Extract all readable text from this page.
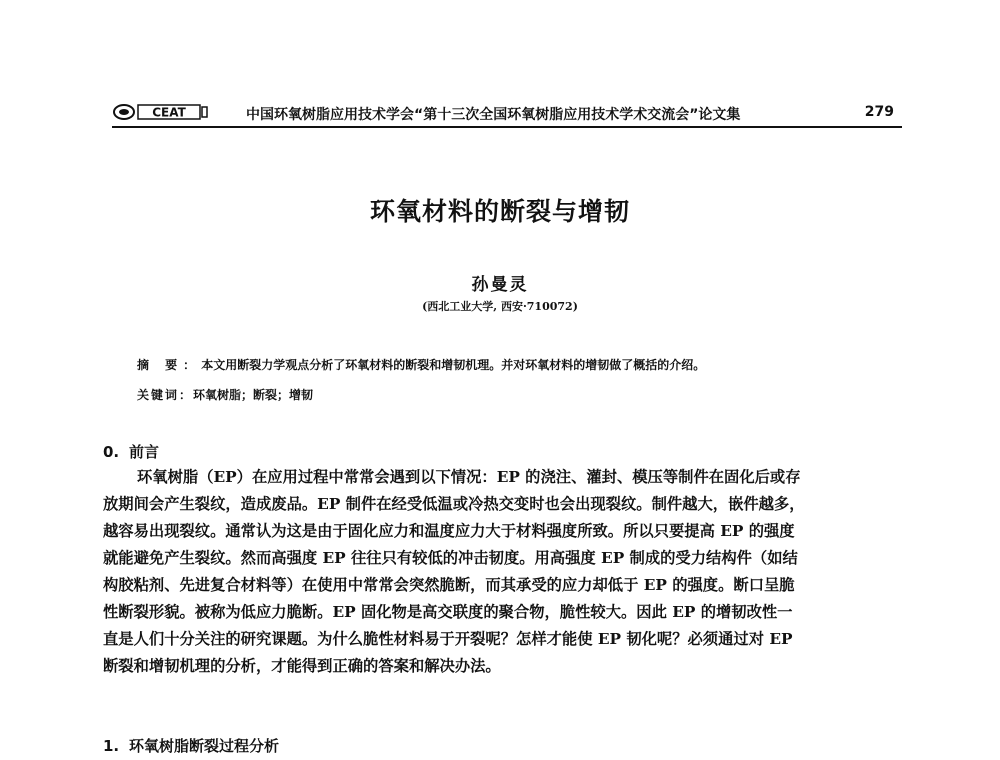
CEAT	中国环氧树脂应用技术学会“第十三次全国环氧树脂应用技术学术交流会”论文集	279
环氧材料的断裂与增韧
孙曼灵
(西北工业大学, 西安·710072)
摘 要：本文用断裂力学观点分析了环氧材料的断裂和增韧机理。并对环氧材料的增韧做了概括的介绍。
关键词：环氧树脂；断裂；增韧
0. 前言
环氧树脂（EP）在应用过程中常常会遇到以下情况：EP 的浇注、灌封、模压等制件在固化后或存
放期间会产生裂纹，造成废品。EP 制件在经受低温或冷热交变时也会出现裂纹。制件越大，嵌件越多，
越容易出现裂纹。通常认为这是由于固化应力和温度应力大于材料强度所致。所以只要提高 EP 的强度
就能避免产生裂纹。然而高强度 EP 往往只有较低的冲击韧度。用高强度 EP 制成的受力结构件（如结
构胶粘剂、先进复合材料等）在使用中常常会突然脆断，而其承受的应力却低于 EP 的强度。断口呈脆
性断裂形貌。被称为低应力脆断。EP 固化物是高交联度的聚合物，脆性较大。因此 EP 的增韧改性一
直是人们十分关注的研究课题。为什么脆性材料易于开裂呢？怎样才能使 EP 韧化呢？必须通过对 EP
断裂和增韧机理的分析，才能得到正确的答案和解决办法。
1. 环氧树脂断裂过程分析
